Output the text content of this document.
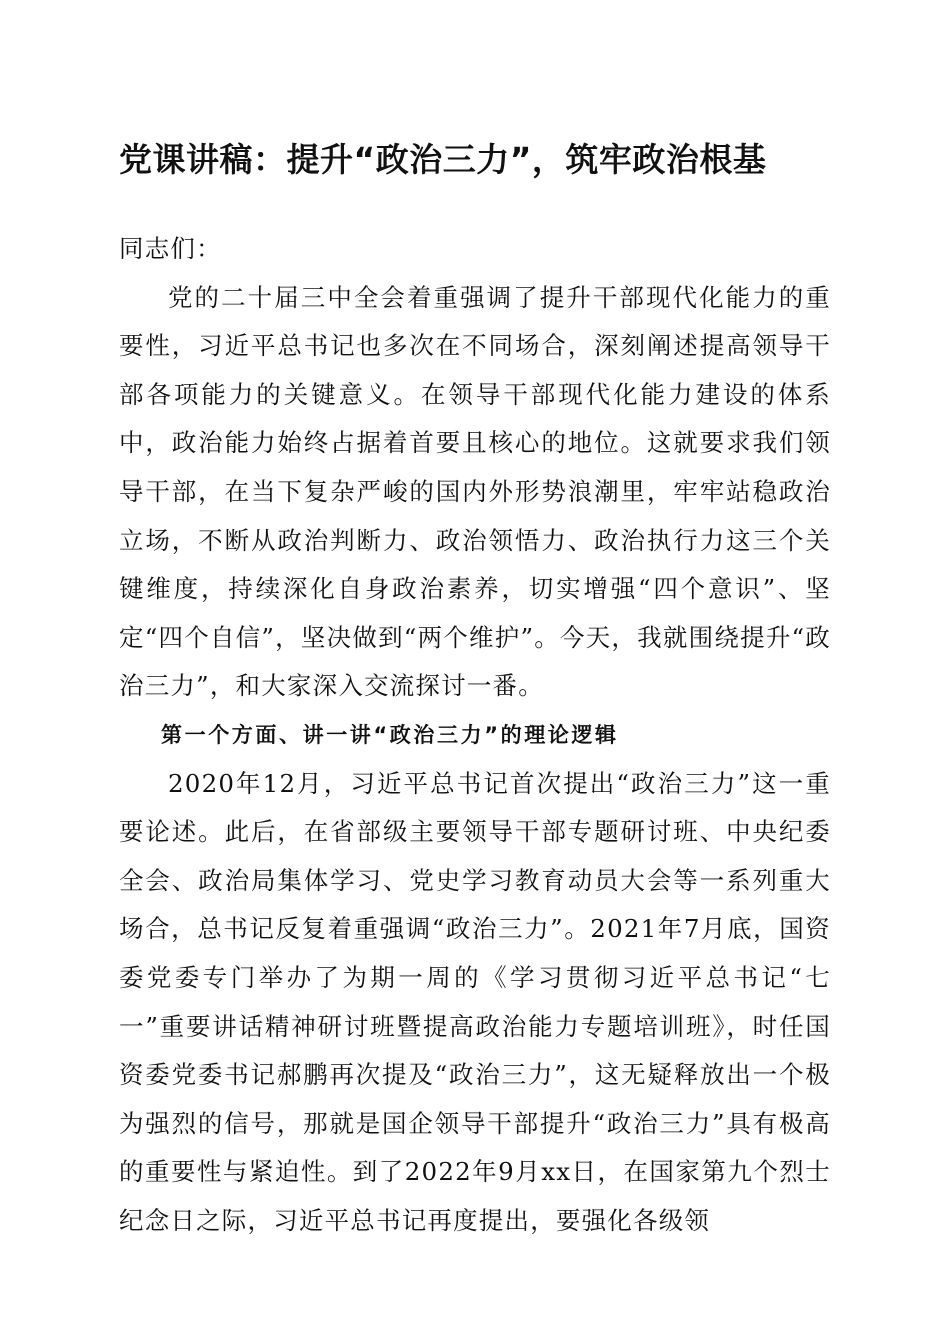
党课讲稿：提升“政治三力”，筑牢政治根基

同志们：

党的二十届三中全会着重强调了提升干部现代化能力的重要性，习近平总书记也多次在不同场合，深刻阐述提高领导干部各项能力的关键意义。在领导干部现代化能力建设的体系中，政治能力始终占据着首要且核心的地位。这就要求我们领导干部，在当下复杂严峻的国内外形势浪潮里，牢牢站稳政治立场，不断从政治判断力、政治领悟力、政治执行力这三个关键维度，持续深化自身政治素养，切实增强“四个意识”、坚定“四个自信”，坚决做到“两个维护”。今天，我就围绕提升“政治三力”，和大家深入交流探讨一番。

第一个方面、讲一讲“政治三力”的理论逻辑

2020年12月，习近平总书记首次提出“政治三力”这一重要论述。此后，在省部级主要领导干部专题研讨班、中央纪委全会、政治局集体学习、党史学习教育动员大会等一系列重大场合，总书记反复着重强调“政治三力”。2021年7月底，国资委党委专门举办了为期一周的《学习贯彻习近平总书记“七一”重要讲话精神研讨班暨提高政治能力专题培训班》，时任国资委党委书记郝鹏再次提及“政治三力”，这无疑释放出一个极为强烈的信号，那就是国企领导干部提升“政治三力”具有极高的重要性与紧迫性。到了2022年9月xx日，在国家第九个烈士纪念日之际，习近平总书记再度提出，要强化各级领
